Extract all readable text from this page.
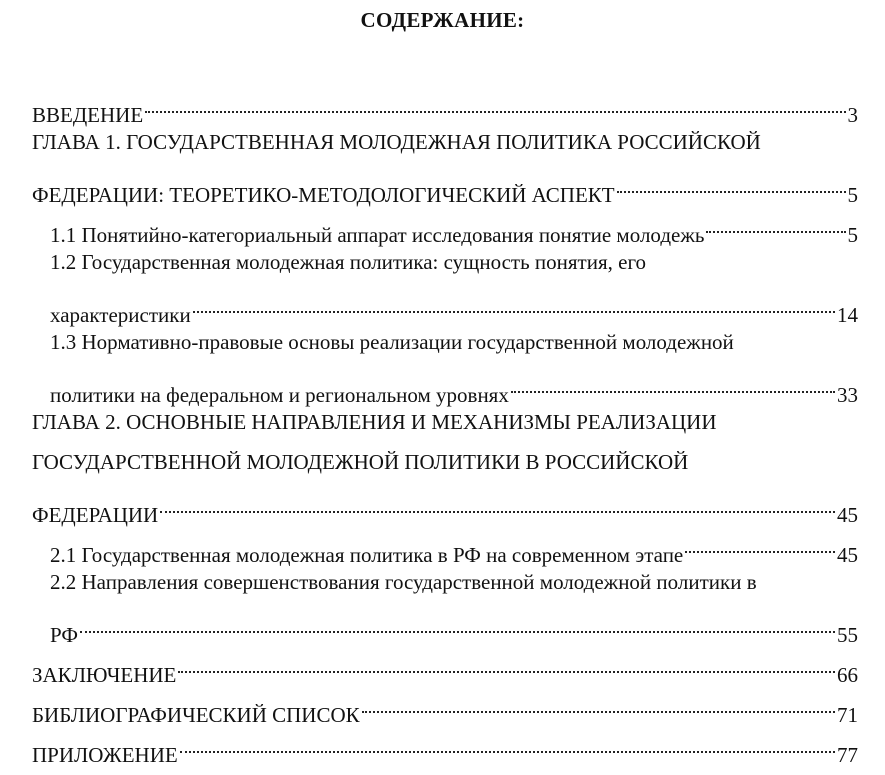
СОДЕРЖАНИЕ:
ВВЕДЕНИЕ	3
ГЛАВА 1. ГОСУДАРСТВЕННАЯ МОЛОДЕЖНАЯ ПОЛИТИКА РОССИЙСКОЙ
ФЕДЕРАЦИИ: ТЕОРЕТИКО-МЕТОДОЛОГИЧЕСКИЙ АСПЕКТ	5
1.1 Понятийно-категориальный аппарат исследования понятие молодежь	5
1.2 Государственная молодежная политика: сущность понятия, его
характеристики	14
1.3 Нормативно-правовые основы реализации государственной молодежной
политики на федеральном и региональном уровнях	33
ГЛАВА 2. ОСНОВНЫЕ НАПРАВЛЕНИЯ И МЕХАНИЗМЫ РЕАЛИЗАЦИИ
ГОСУДАРСТВЕННОЙ МОЛОДЕЖНОЙ ПОЛИТИКИ В РОССИЙСКОЙ
ФЕДЕРАЦИИ	45
2.1 Государственная молодежная политика в РФ на современном этапе	45
2.2 Направления совершенствования государственной молодежной политики в
РФ	55
ЗАКЛЮЧЕНИЕ	66
БИБЛИОГРАФИЧЕСКИЙ СПИСОК	71
ПРИЛОЖЕНИЕ	77
